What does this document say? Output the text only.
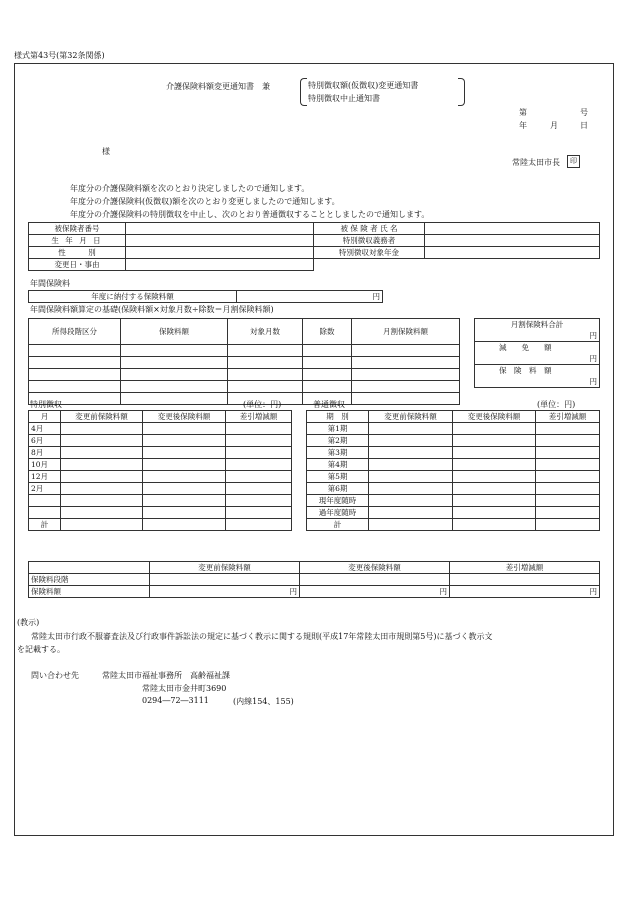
様式第43号(第32条関係)
介護保険料額変更通知書　兼	特別徴収額(仮徴収)変更通知書
特別徴収中止通知書
第	号
年	月	日
様
常陸太田市長	印
年度分の介護保険料額を次のとおり決定しましたので通知します。
年度分の介護保険料(仮徴収)額を次のとおり変更しましたので通知します。
年度分の介護保険料の特別徴収を中止し、次のとおり普通徴収することとしましたので通知します。
被保険者番号		被 保 険 者 氏 名	
生 年 月 日		特別徴収義務者	
性　　　別		特別徴収対象年金	
変更日・事由			
年間保険料
年度に納付する保険料額	円
年間保険料額算定の基礎(保険料額×対象月数÷除数＝月割保険料額)
所得段階区分	保険料額	対象月数	除数	月割保険料額

月割保険料合計
円
減　　免　　額
円
保　険　料　額
円
特別徴収	(単位：円)
月	変更前保険料額	変更後保険料額	差引増減額
4月			
6月			
8月			
10月			
12月			
2月			

計			
普通徴収	(単位：円)
期　別	変更前保険料額	変更後保険料額	差引増減額
第1期			
第2期			
第3期			
第4期			
第5期			
第6期			
現年度随時			
過年度随時			
計			
	変更前保険料額	変更後保険料額	差引増減額
保険料段階			
保険料額	円	円	円
(教示)
常陸太田市行政不服審査法及び行政事件訴訟法の規定に基づく教示に関する規則(平成17年常陸太田市規則第5号)に基づく教示文
を記載する。
問い合わせ先	常陸太田市福祉事務所　高齢福祉課
常陸太田市金井町3690
0294―72―3111	(内線154、155)
